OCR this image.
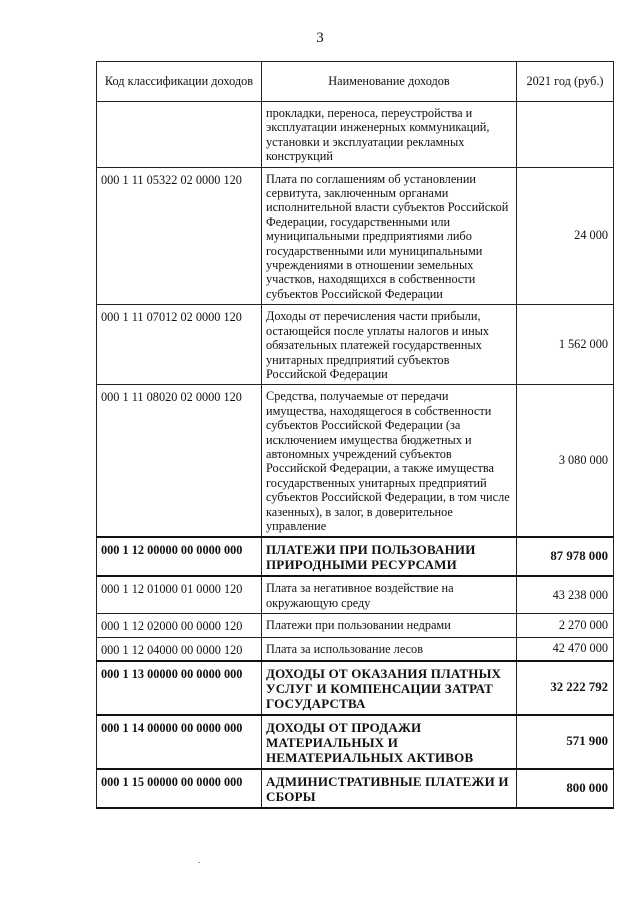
3
Код классификации доходов	Наименование доходов	2021 год (руб.)
	прокладки, переноса, переустройства и эксплуатации инженерных коммуникаций, установки и эксплуатации рекламных конструкций	
000 1 11 05322 02 0000 120	Плата по соглашениям об установлении сервитута, заключенным органами исполнительной власти субъектов Российской Федерации, государственными или муниципальными предприятиями либо государственными или муниципальными учреждениями в отношении земельных участков, находящихся в собственности субъектов Российской Федерации	24 000
000 1 11 07012 02 0000 120	Доходы от перечисления части прибыли, остающейся после уплаты налогов и иных обязательных платежей государственных унитарных предприятий субъектов Российской Федерации	1 562 000
000 1 11 08020 02 0000 120	Средства, получаемые от передачи имущества, находящегося в собственности субъектов Российской Федерации (за исключением имущества бюджетных и автономных учреждений субъектов Российской Федерации, а также имущества государственных унитарных предприятий субъектов Российской Федерации, в том числе казенных), в залог, в доверительное управление	3 080 000
000 1 12 00000 00 0000 000	ПЛАТЕЖИ ПРИ ПОЛЬЗОВАНИИ ПРИРОДНЫМИ РЕСУРСАМИ	87 978 000
000 1 12 01000 01 0000 120	Плата за негативное воздействие на окружающую среду	43 238 000
000 1 12 02000 00 0000 120	Платежи при пользовании недрами	2 270 000
000 1 12 04000 00 0000 120	Плата за использование лесов	42 470 000
000 1 13 00000 00 0000 000	ДОХОДЫ ОТ ОКАЗАНИЯ ПЛАТНЫХ УСЛУГ И КОМПЕНСАЦИИ ЗАТРАТ ГОСУДАРСТВА	32 222 792
000 1 14 00000 00 0000 000	ДОХОДЫ ОТ ПРОДАЖИ МАТЕРИАЛЬНЫХ И НЕМАТЕРИАЛЬНЫХ АКТИВОВ	571 900
000 1 15 00000 00 0000 000	АДМИНИСТРАТИВНЫЕ ПЛАТЕЖИ И СБОРЫ	800 000
